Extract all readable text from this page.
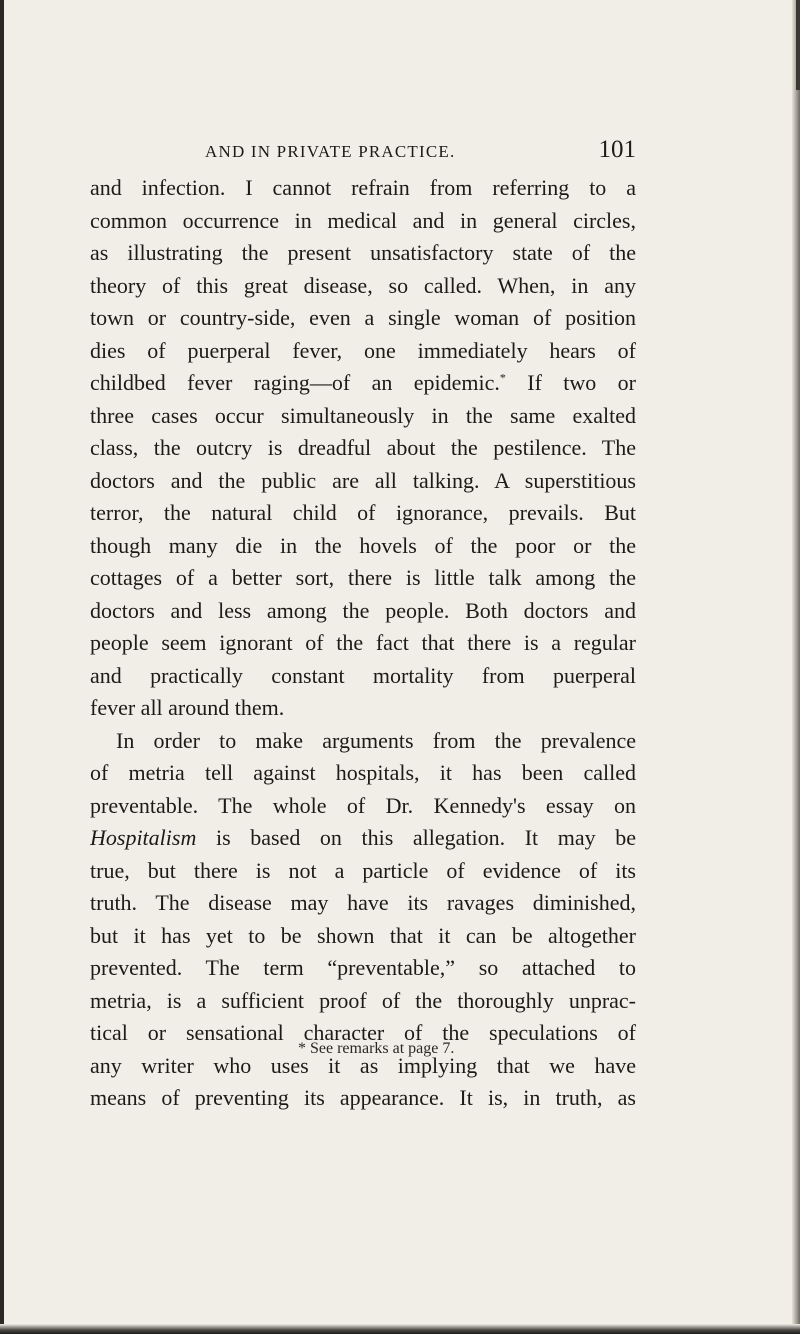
AND IN PRIVATE PRACTICE.	101
and infection. I cannot refrain from referring to a
common occurrence in medical and in general circles,
as illustrating the present unsatisfactory state of the
theory of this great disease, so called. When, in any
town or country-side, even a single woman of position
dies of puerperal fever, one immediately hears of
childbed fever raging—of an epidemic.* If two or
three cases occur simultaneously in the same exalted
class, the outcry is dreadful about the pestilence. The
doctors and the public are all talking. A superstitious
terror, the natural child of ignorance, prevails. But
though many die in the hovels of the poor or the
cottages of a better sort, there is little talk among the
doctors and less among the people. Both doctors and
people seem ignorant of the fact that there is a regular
and practically constant mortality from puerperal
fever all around them.
In order to make arguments from the prevalence
of metria tell against hospitals, it has been called
preventable. The whole of Dr. Kennedy's essay on
Hospitalism is based on this allegation. It may be
true, but there is not a particle of evidence of its
truth. The disease may have its ravages diminished,
but it has yet to be shown that it can be altogether
prevented. The term “preventable,” so attached to
metria, is a sufficient proof of the thoroughly unprac-
tical or sensational character of the speculations of
any writer who uses it as implying that we have
means of preventing its appearance. It is, in truth, as
* See remarks at page 7.
